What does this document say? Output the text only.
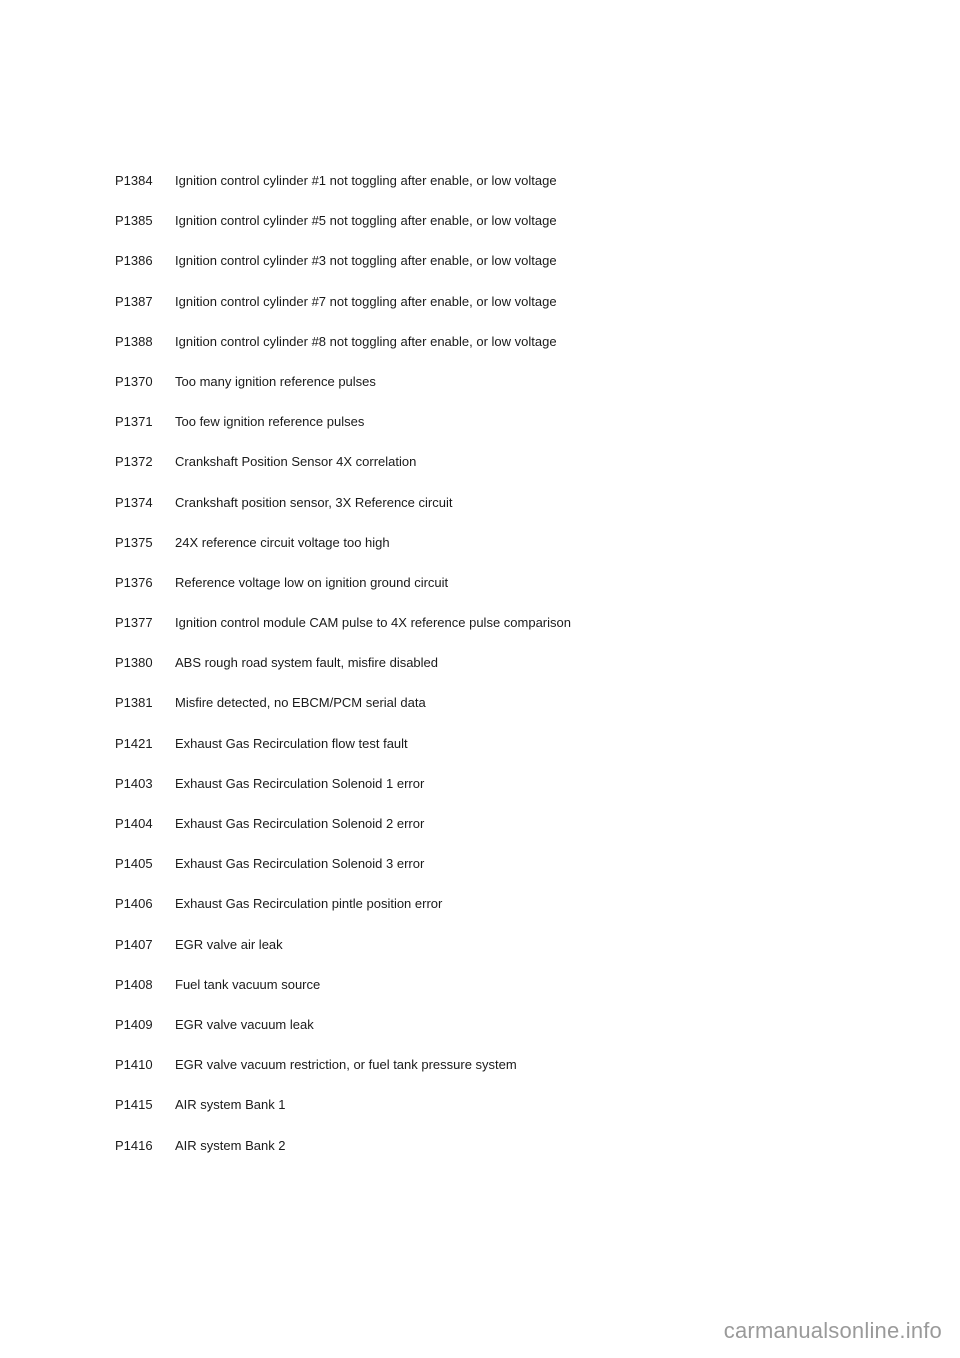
P1384	Ignition control cylinder #1 not toggling after enable, or low voltage
P1385	Ignition control cylinder #5 not toggling after enable, or low voltage
P1386	Ignition control cylinder #3 not toggling after enable, or low voltage
P1387	Ignition control cylinder #7 not toggling after enable, or low voltage
P1388	Ignition control cylinder #8 not toggling after enable, or low voltage
P1370	Too many ignition reference pulses
P1371	Too few ignition reference pulses
P1372	Crankshaft Position Sensor 4X correlation
P1374	Crankshaft position sensor, 3X Reference circuit
P1375	24X reference circuit voltage too high
P1376	Reference voltage low on ignition ground circuit
P1377	Ignition control module CAM pulse to 4X reference pulse comparison
P1380	ABS rough road system fault, misfire disabled
P1381	Misfire detected, no EBCM/PCM serial data
P1421	Exhaust Gas Recirculation flow test fault
P1403	Exhaust Gas Recirculation Solenoid 1 error
P1404	Exhaust Gas Recirculation Solenoid 2 error
P1405	Exhaust Gas Recirculation Solenoid 3 error
P1406	Exhaust Gas Recirculation pintle position error
P1407	EGR valve air leak
P1408	Fuel tank vacuum source
P1409	EGR valve vacuum leak
P1410	EGR valve vacuum restriction, or fuel tank pressure system
P1415	AIR system Bank 1
P1416	AIR system Bank 2
carmanualsonline.info
